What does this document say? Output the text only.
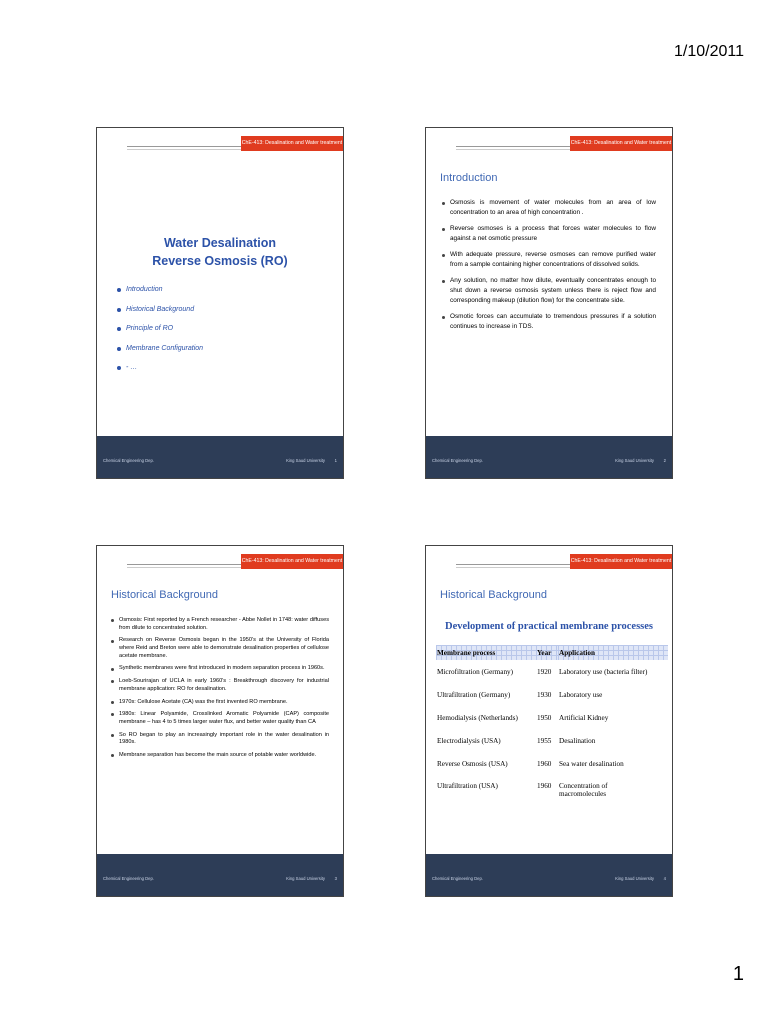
1/10/2011
ChE-413: Desalination and Water treatment
Water Desalination
Reverse Osmosis (RO)
Introduction
Historical Background
Principle of RO
Membrane Configuration
- …
Chemical Engineering Dep.	King Saud University 1
ChE-413: Desalination and Water treatment
Introduction
Osmosis is movement of water molecules from an area of low concentration to an area of high concentration .
Reverse osmoses is a process that forces water molecules to flow against a net osmotic pressure
With adequate pressure, reverse osmoses can remove purified water from a sample containing higher concentrations of dissolved solids.
Any solution, no matter how dilute, eventually concentrates enough to shut down a reverse osmosis system unless there is reject flow and corresponding makeup (dilution flow) for the concentrate side.
Osmotic forces can accumulate to tremendous pressures if a solution continues to increase in TDS.
Chemical Engineering Dep.	King Saud University 2
ChE-413: Desalination and Water treatment
Historical Background
Osmosis: First reported by a French researcher - Abbe Nollet in 1748: water diffuses from dilute to concentrated solution.
Research on Reverse Osmosis began in the 1950's at the University of Florida where Reid and Breton were able to demonstrate desalination properties of cellulose acetate membrane.
Synthetic membranes were first introduced in modern separation process in 1960s.
Loeb-Sourirajan of UCLA in early 1960's : Breakthrough discovery for industrial membrane application: RO for desalination.
1970s: Cellulose Acetate (CA) was the first invented RO membrane.
1980s: Linear Polyamide, Crosslinked Aromatic Polyamide (CAP) composite membrane – has 4 to 5 times larger water flux, and better water quality than CA
So RO began to play an increasingly important role in the water desalination in 1980s.
Membrane separation has become the main source of potable water worldwide.
Chemical Engineering Dep.	King Saud University 3
ChE-413: Desalination and Water treatment
Historical Background
Development of practical membrane processes
Membrane process	Year	Application
Microfiltration (Germany)	1920	Laboratory use (bacteria filter)
Ultrafiltration (Germany)	1930	Laboratory use
Hemodialysis (Netherlands)	1950	Artificial Kidney
Electrodialysis (USA)	1955	Desalination
Reverse Osmosis (USA)	1960	Sea water desalination
Ultrafiltration (USA)	1960	Concentration of
macromolecules
Chemical Engineering Dep.	King Saud University 4
1
